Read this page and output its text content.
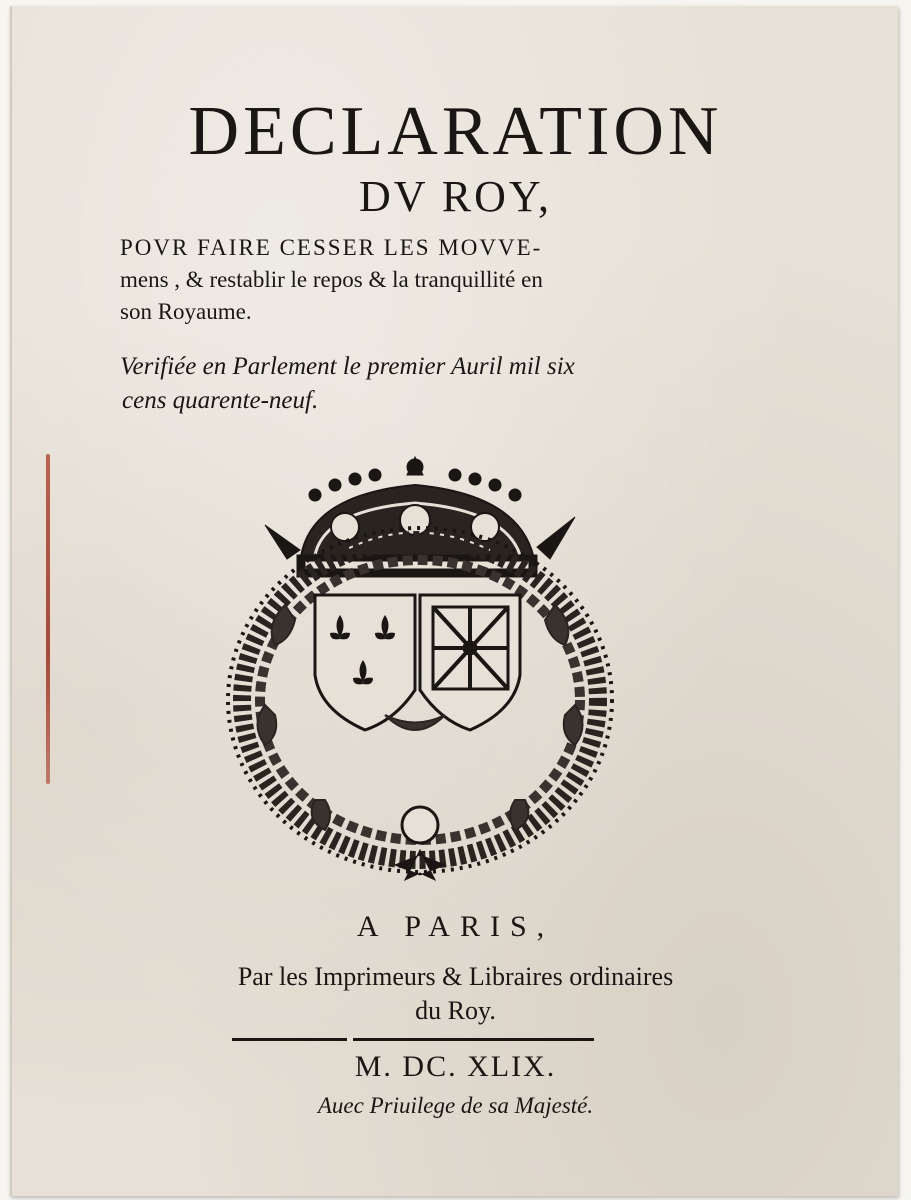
DECLARATION
DV ROY,
POVR FAIRE CESSER LES MOVVE-
mens , & restablir le repos & la tranquillité en
son Royaume.
Verifiée en Parlement le premier Auril mil six
cens quarente-neuf.
A PARIS,
Par les Imprimeurs & Libraires ordinaires
du Roy.
M. DC. XLIX.
Auec Priuilege de sa Majesté.
